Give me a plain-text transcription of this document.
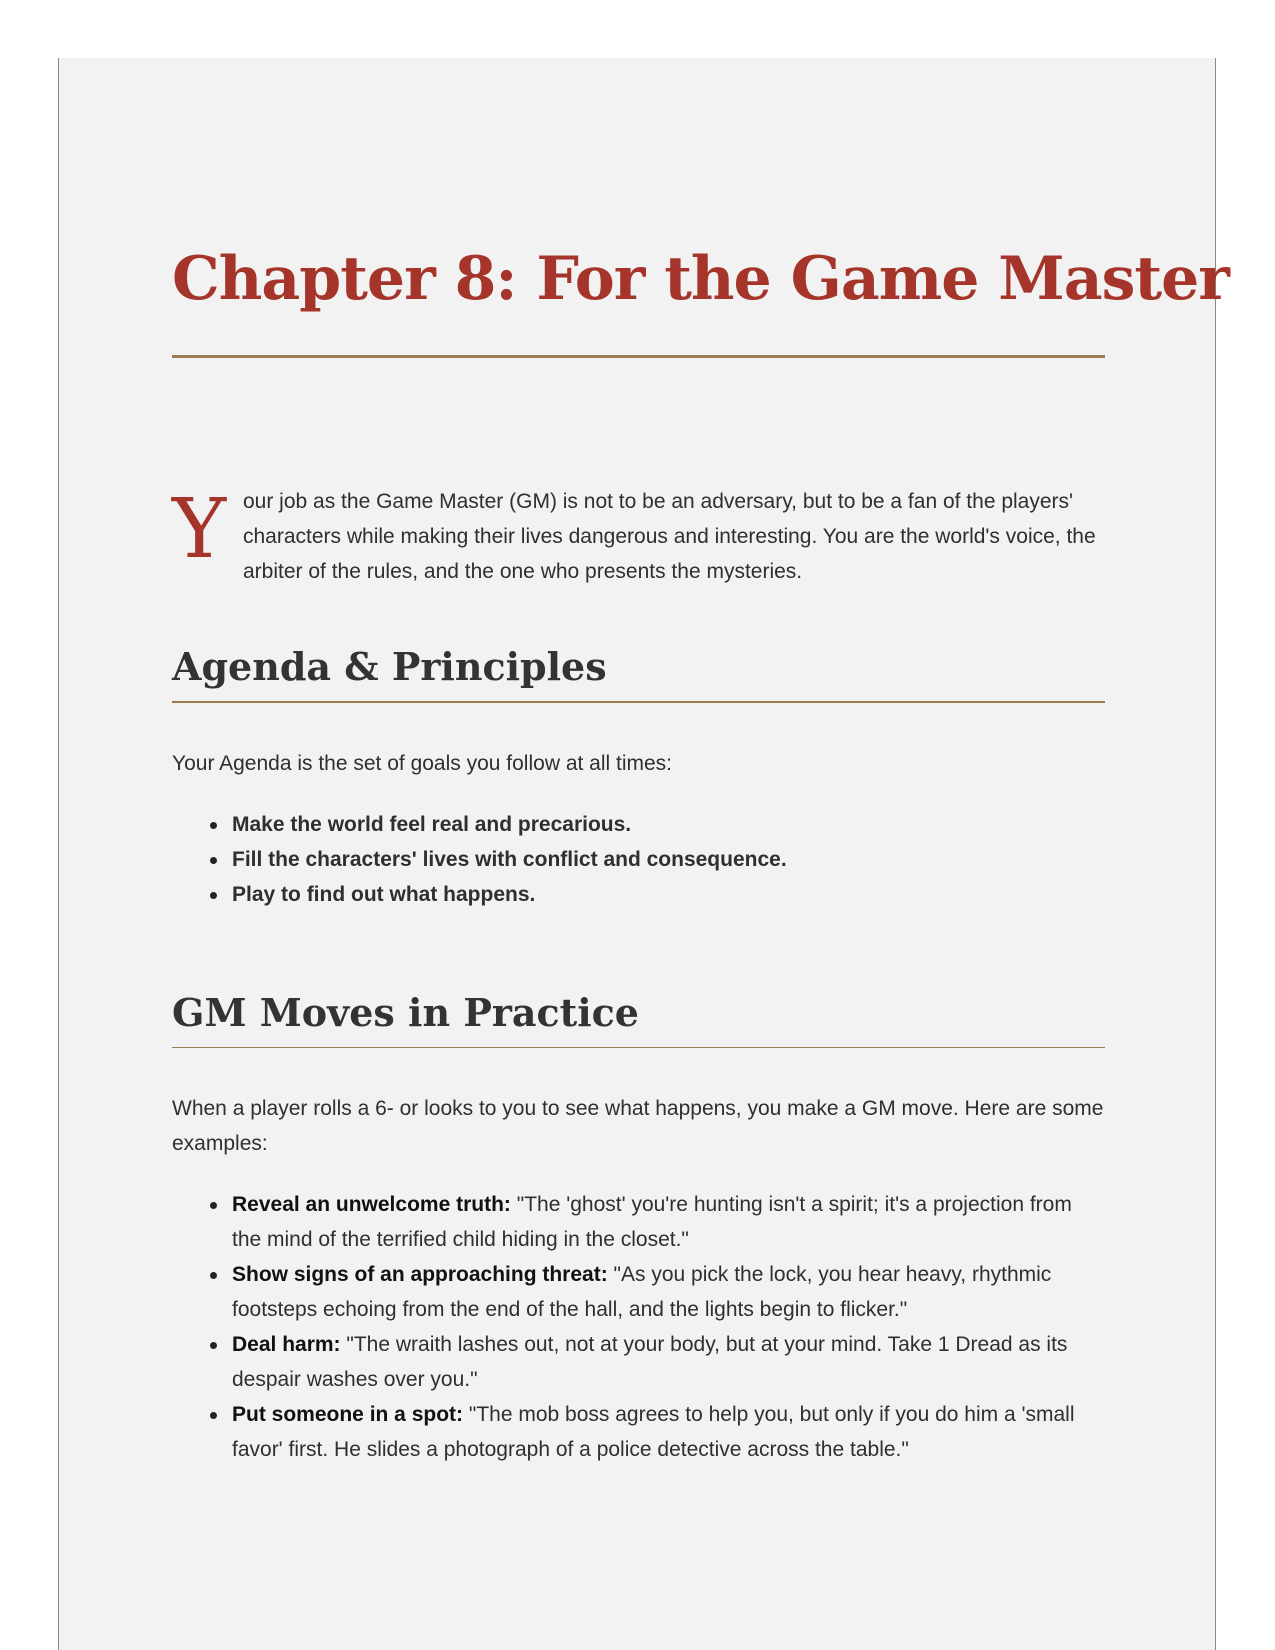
Chapter 8: For the Game Master
Y our job as the Game Master (GM) is not to be an adversary, but to be a fan of the players' characters while making their lives dangerous and interesting. You are the world's voice, the arbiter of the rules, and the one who presents the mysteries.

Agenda & Principles

Your Agenda is the set of goals you follow at all times:

Make the world feel real and precarious.
Fill the characters' lives with conflict and consequence.
Play to find out what happens.
GM Moves in Practice

When a player rolls a 6- or looks to you to see what happens, you make a GM move. Here are some examples:

Reveal an unwelcome truth: "The 'ghost' you're hunting isn't a spirit; it's a projection from the mind of the terrified child hiding in the closet."
Show signs of an approaching threat: "As you pick the lock, you hear heavy, rhythmic footsteps echoing from the end of the hall, and the lights begin to flicker."
Deal harm: "The wraith lashes out, not at your body, but at your mind. Take 1 Dread as its despair washes over you."
Put someone in a spot: "The mob boss agrees to help you, but only if you do him a 'small favor' first. He slides a photograph of a police detective across the table."
